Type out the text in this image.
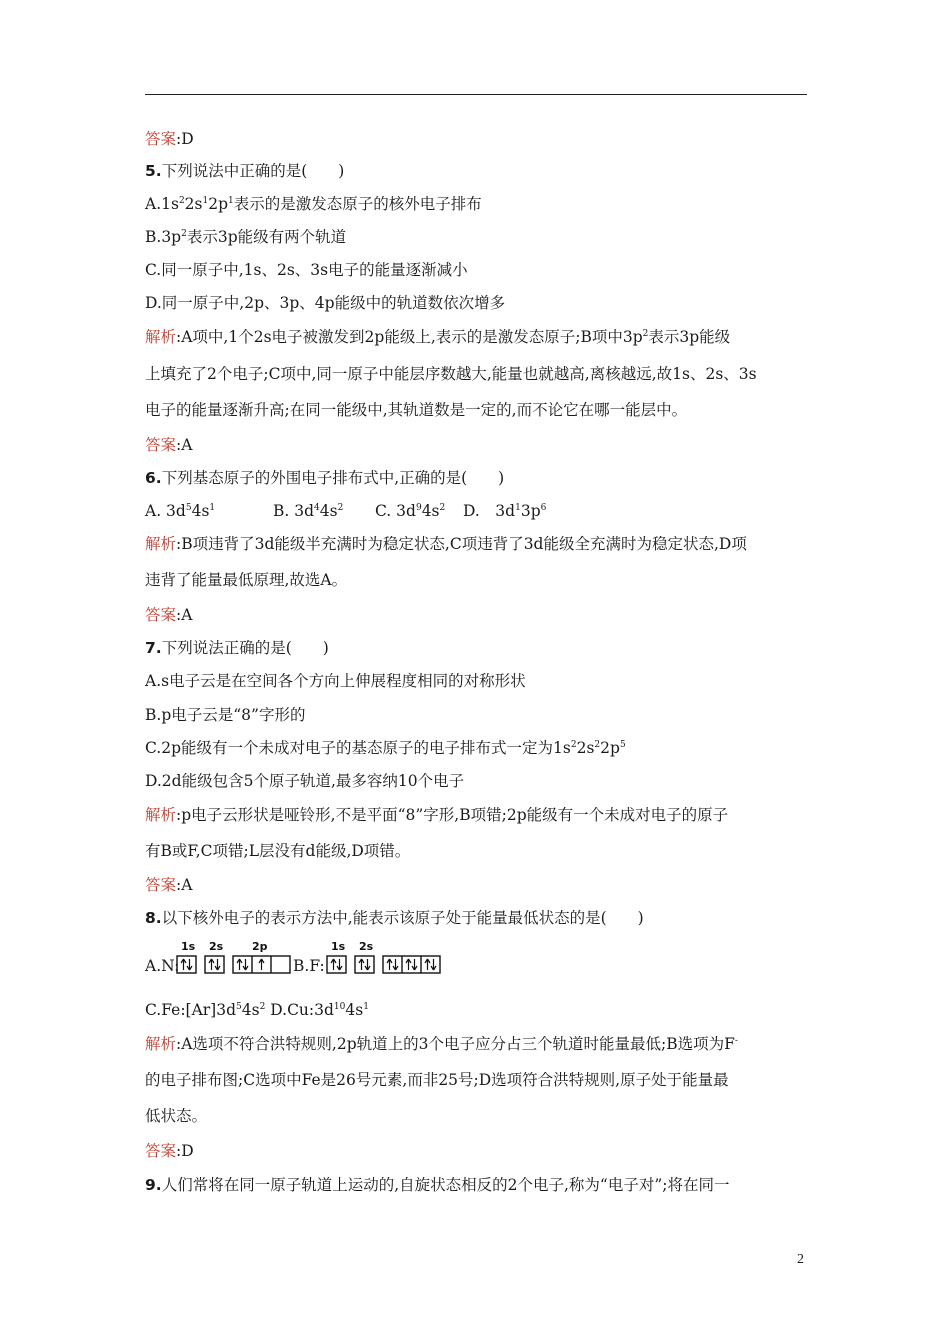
答案:D
5.下列说法中正确的是(　　)
$A.1s^22s^12p^1$表示的是激发态原子的核外电子排布
$B.3p^2$表示3p能级有两个轨道
C.同一原子中,1s、2s、3s电子的能量逐渐减小
D.同一原子中,2p、3p、4p能级中的轨道数依次增多
解析:A项中,1个2s电子被激发到2p能级上,表示的是激发态原子;B项中$3p^2$表示3p能级
上填充了2个电子;C项中,同一原子中能层序数越大,能量也就越高,离核越远,故1s、2s、3s
电子的能量逐渐升高;在同一能级中,其轨道数是一定的,而不论它在哪一能层中。
答案:A
6.下列基态原子的外围电子排布式中,正确的是(　　)
A. $3d^54s^1$	B. $3d^44s^2$ C. $3d^94s^2$ D.　$3d^13p^6$
解析:B项违背了3d能级半充满时为稳定状态,C项违背了3d能级全充满时为稳定状态,D项
违背了能量最低原理,故选A。
答案:A
7.下列说法正确的是(　　)
A.s电子云是在空间各个方向上伸展程度相同的对称形状
B.p电子云是“8”字形的
C.2p能级有一个未成对电子的基态原子的电子排布式一定为$1s^22s^22p^5$
D.2d能级包含5个原子轨道,最多容纳10个电子
解析:p电子云形状是哑铃形,不是平面“8”字形,B项错;2p能级有一个未成对电子的原子
有B或F,C项错;L层没有d能级,D项错。
答案:A
8.以下核外电子的表示方法中,能表示该原子处于能量最低状态的是(　　)
1s 2s	2p	1s 2s
A.N:	B.F:
$C.Fe:[Ar]3d^54s^2$ $D.Cu:3d^{10}4s^1$
解析:A选项不符合洪特规则,2p轨道上的3个电子应分占三个轨道时能量最低;B选项为F-
的电子排布图;C选项中Fe是26号元素,而非25号;D选项符合洪特规则,原子处于能量最
低状态。
答案:D
9.人们常将在同一原子轨道上运动的,自旋状态相反的2个电子,称为“电子对”;将在同一
2
